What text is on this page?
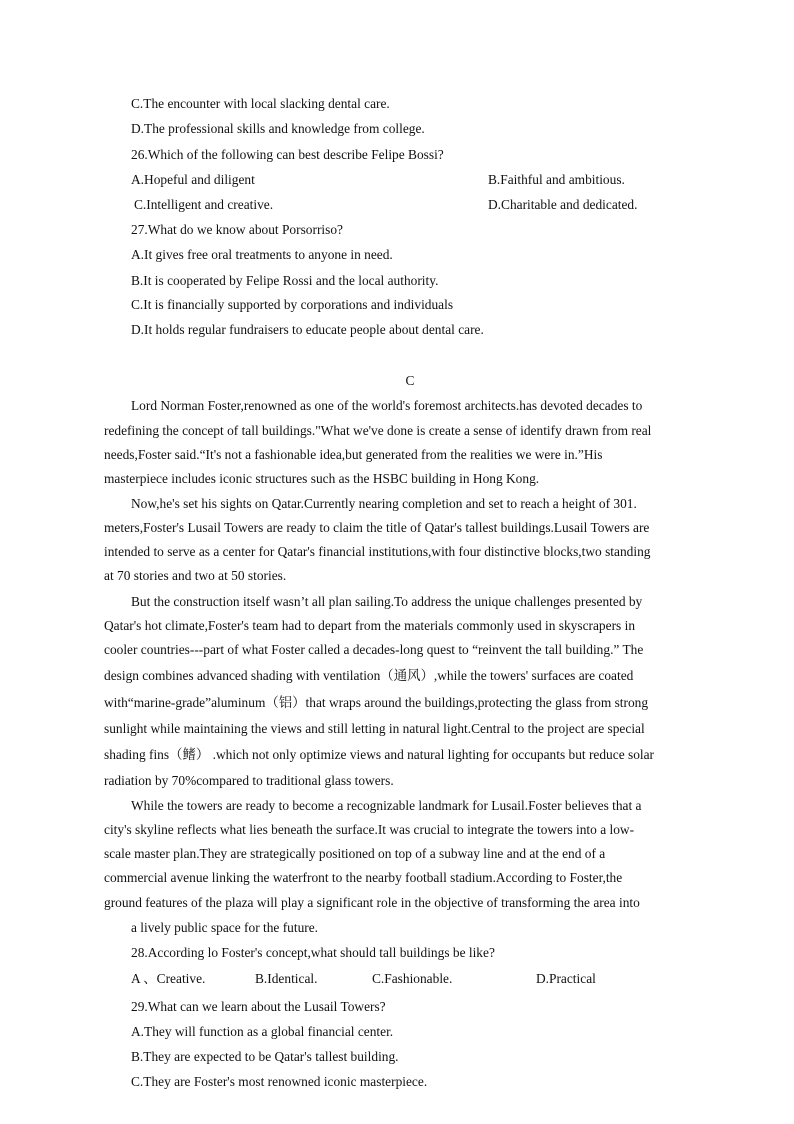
C.The encounter with local slacking dental care.
D.The professional skills and knowledge from college.
26.Which of the following can best describe Felipe Bossi?
A.Hopeful and diligent	B.Faithful and ambitious.
C.Intelligent and creative.	D.Charitable and dedicated.
27.What do we know about Porsorriso?
A.It gives free oral treatments to anyone in need.
B.It is cooperated by Felipe Rossi and the local authority.
C.It is financially supported by corporations and individuals
D.It holds regular fundraisers to educate people about dental care.
C
Lord Norman Foster,renowned as one of the world's foremost architects.has devoted decades to
redefining the concept of tall buildings."What we've done is create a sense of identify drawn from real
needs,Foster said.“It's not a fashionable idea,but generated from the realities we were in.”His
masterpiece includes iconic structures such as the HSBC building in Hong Kong.
Now,he's set his sights on Qatar.Currently nearing completion and set to reach a height of 301.
meters,Foster's Lusail Towers are ready to claim the title of Qatar's tallest buildings.Lusail Towers are
intended to serve as a center for Qatar's financial institutions,with four distinctive blocks,two standing
at 70 stories and two at 50 stories.
But the construction itself wasn’t all plan sailing.To address the unique challenges presented by
Qatar's hot climate,Foster's team had to depart from the materials commonly used in skyscrapers in
cooler countries---part of what Foster called a decades-long quest to “reinvent the tall building.” The
design combines advanced shading with ventilation（通风）,while the towers' surfaces are coated
with“marine-grade”aluminum（铝）that wraps around the buildings,protecting the glass from strong
sunlight while maintaining the views and still letting in natural light.Central to the project are special
shading fins（鳍） .which not only optimize views and natural lighting for occupants but reduce solar
radiation by 70%compared to traditional glass towers.
While the towers are ready to become a recognizable landmark for Lusail.Foster believes that a
city's skyline reflects what lies beneath the surface.It was crucial to integrate the towers into a low-
scale master plan.They are strategically positioned on top of a subway line and at the end of a
commercial avenue linking the waterfront to the nearby football stadium.According to Foster,the
ground features of the plaza will play a significant role in the objective of transforming the area into
a lively public space for the future.
28.According lo Foster's concept,what should tall buildings be like?
A 、Creative.	B.Identical.	C.Fashionable.	D.Practical
29.What can we learn about the Lusail Towers?
A.They will function as a global financial center.
B.They are expected to be Qatar's tallest building.
C.They are Foster's most renowned iconic masterpiece.
